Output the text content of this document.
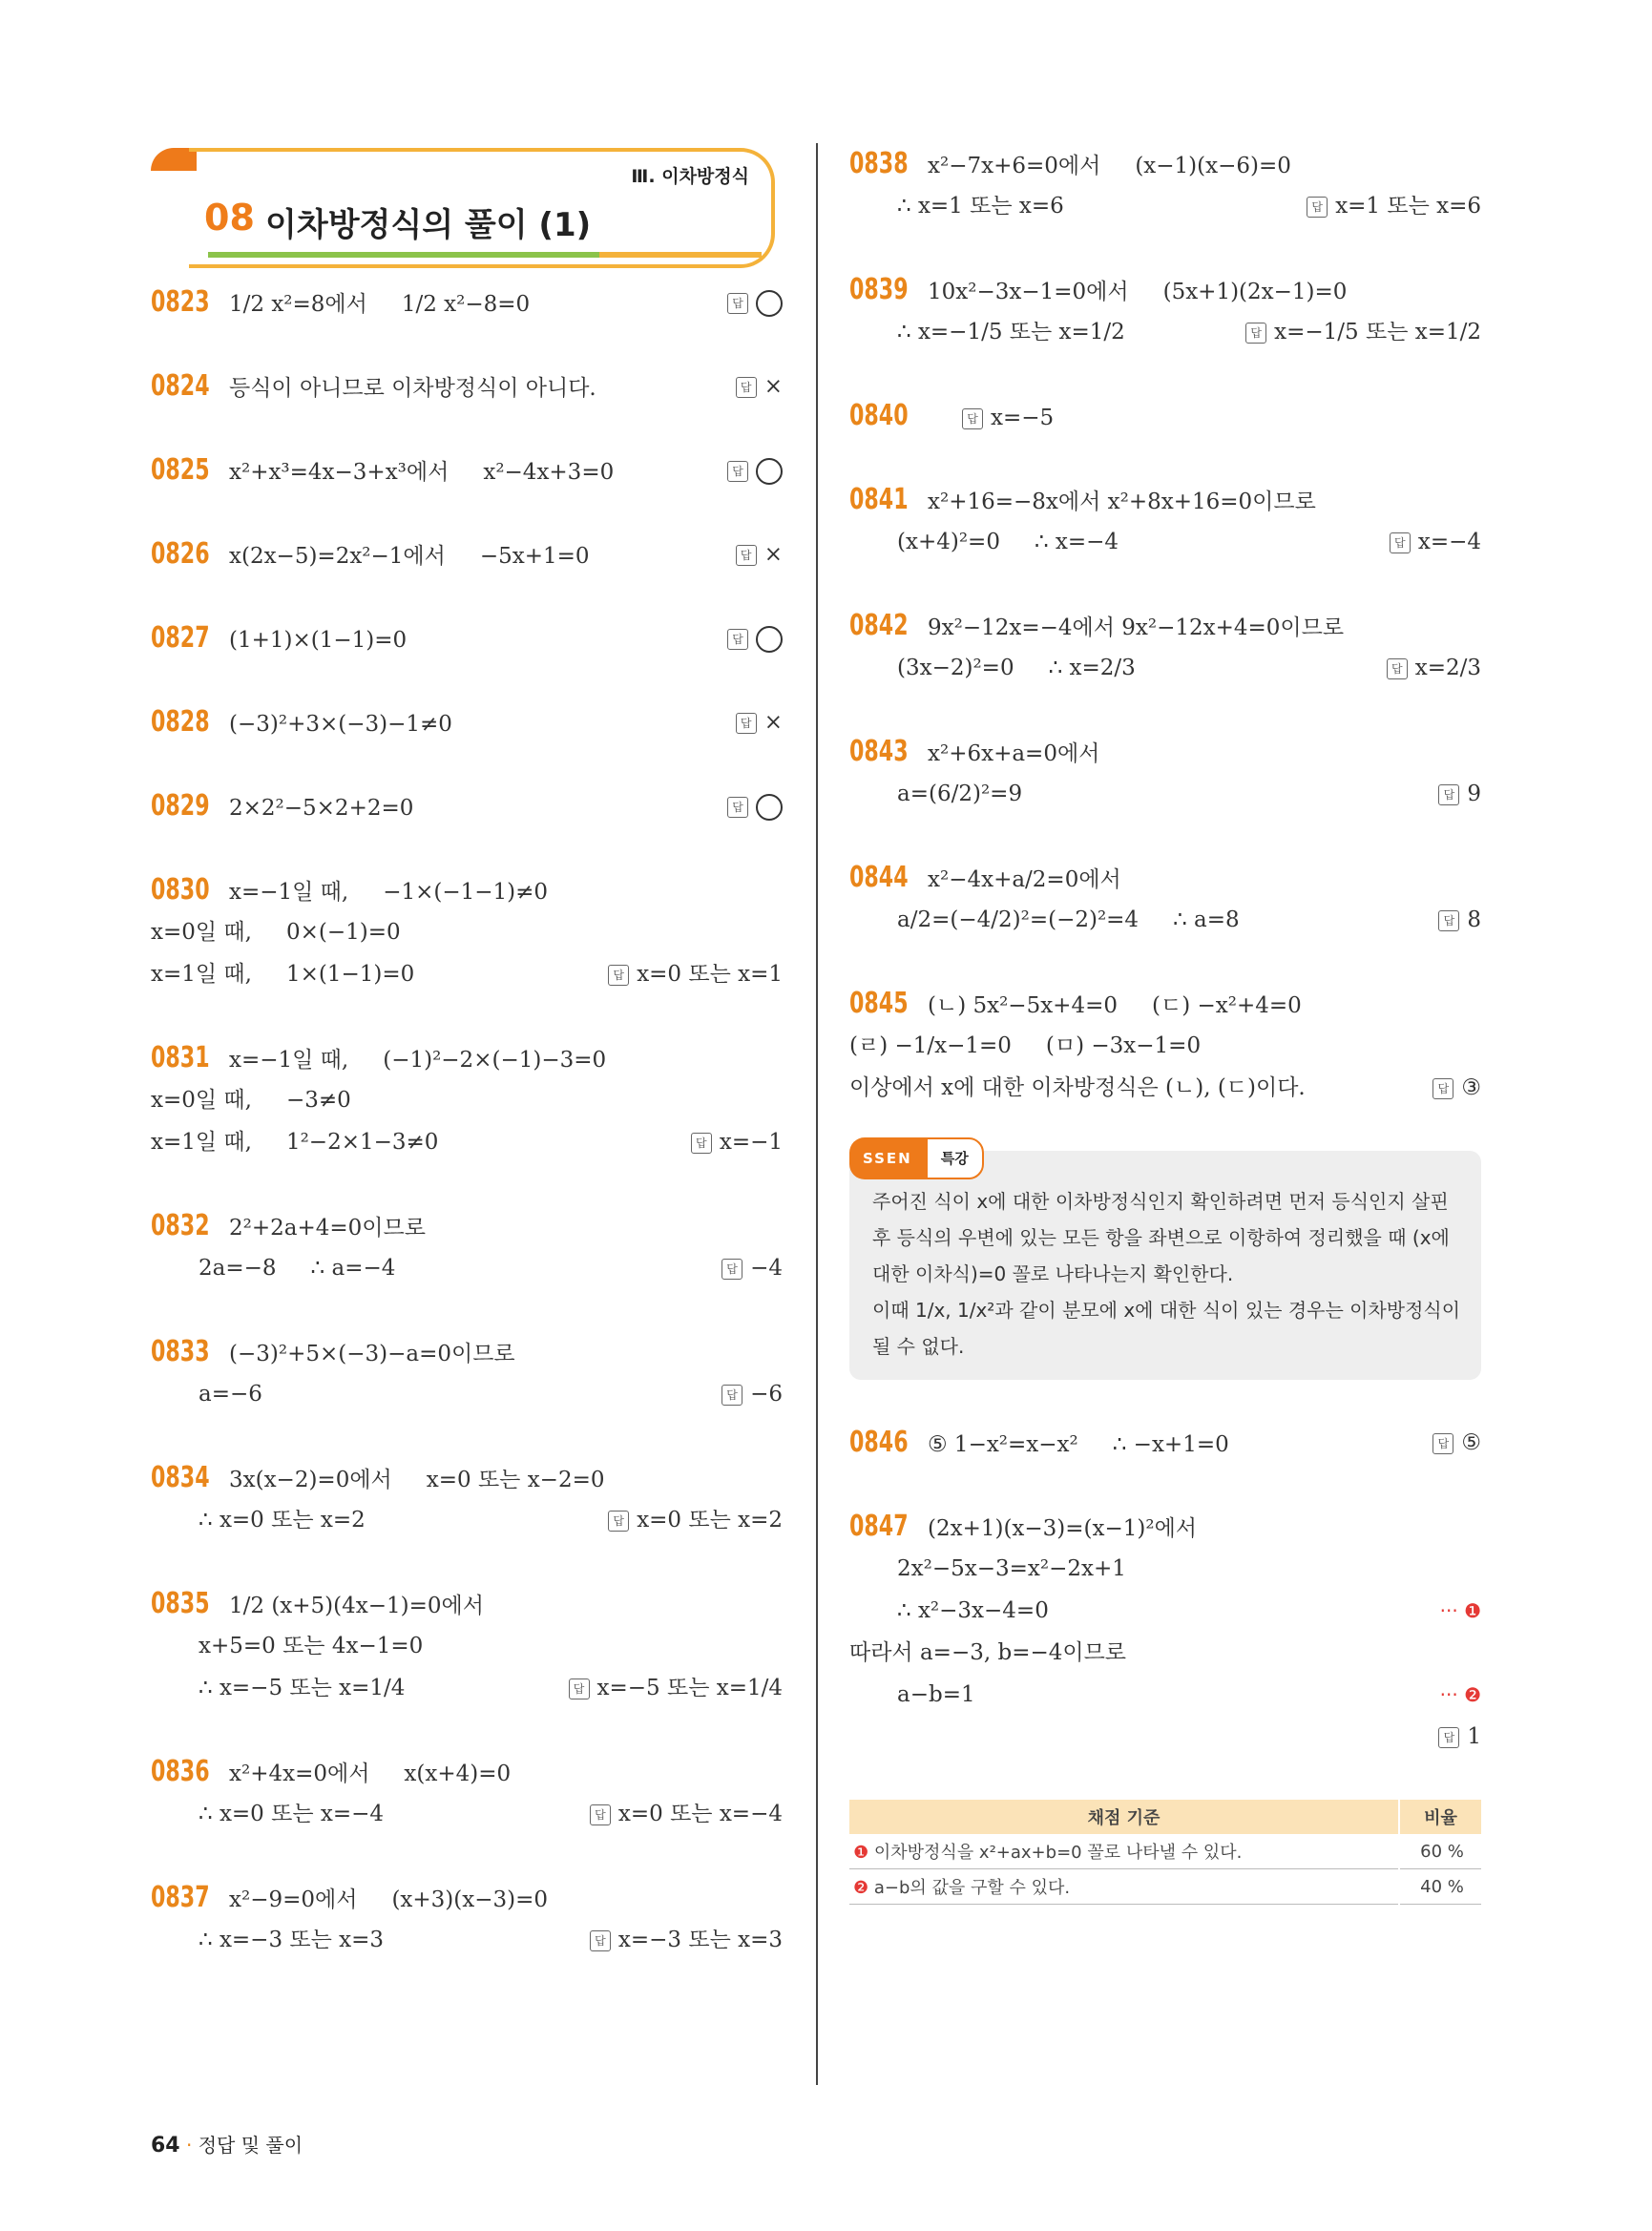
Ⅲ. 이차방정식
08 이차방정식의 풀이 (1)
0823 1/2 x²=8에서 1/2 x²−8=0	답
0824 등식이 아니므로 이차방정식이 아니다.	답 ×
0825 x²+x³=4x−3+x³에서 x²−4x+3=0	답
0826 x(2x−5)=2x²−1에서 −5x+1=0	답 ×
0827 (1+1)×(1−1)=0	답
0828 (−3)²+3×(−3)−1≠0	답 ×
0829 2×2²−5×2+2=0	답
0830 x=−1일 때, −1×(−1−1)≠0
x=0일 때, 0×(−1)=0
x=1일 때, 1×(1−1)=0	답 x=0 또는 x=1
0831 x=−1일 때, (−1)²−2×(−1)−3=0
x=0일 때, −3≠0
x=1일 때, 1²−2×1−3≠0	답 x=−1
0832 2²+2a+4=0이므로
2a=−8 ∴ a=−4	답 −4
0833 (−3)²+5×(−3)−a=0이므로
a=−6	답 −6
0834 3x(x−2)=0에서 x=0 또는 x−2=0
∴ x=0 또는 x=2	답 x=0 또는 x=2
0835 1/2 (x+5)(4x−1)=0에서
x+5=0 또는 4x−1=0
∴ x=−5 또는 x=1/4	답 x=−5 또는 x=1/4
0836 x²+4x=0에서 x(x+4)=0
∴ x=0 또는 x=−4	답 x=0 또는 x=−4
0837 x²−9=0에서 (x+3)(x−3)=0
∴ x=−3 또는 x=3	답 x=−3 또는 x=3
0838 x²−7x+6=0에서 (x−1)(x−6)=0
∴ x=1 또는 x=6	답 x=1 또는 x=6
0839 10x²−3x−1=0에서 (5x+1)(2x−1)=0
∴ x=−1/5 또는 x=1/2	답 x=−1/5 또는 x=1/2
0840	답 x=−5
0841 x²+16=−8x에서 x²+8x+16=0이므로
(x+4)²=0 ∴ x=−4	답 x=−4
0842 9x²−12x=−4에서 9x²−12x+4=0이므로
(3x−2)²=0 ∴ x=2/3	답 x=2/3
0843 x²+6x+a=0에서
a=(6/2)²=9	답 9
0844 x²−4x+a/2=0에서
a/2=(−4/2)²=(−2)²=4 ∴ a=8	답 8
0845 (ㄴ) 5x²−5x+4=0 (ㄷ) −x²+4=0
(ㄹ) −1/x−1=0 (ㅁ) −3x−1=0
이상에서 x에 대한 이차방정식은 (ㄴ), (ㄷ)이다.	답 ③
SSEN	특강
주어진 식이 x에 대한 이차방정식인지 확인하려면 먼저 등식인지 살핀 후 등식의 우변에 있는 모든 항을 좌변으로 이항하여 정리했을 때 (x에 대한 이차식)=0 꼴로 나타나는지 확인한다.
이때 1/x, 1/x²과 같이 분모에 x에 대한 식이 있는 경우는 이차방정식이 될 수 없다.
0846 ⑤ 1−x²=x−x² ∴ −x+1=0	답 ⑤
0847 (2x+1)(x−3)=(x−1)²에서
2x²−5x−3=x²−2x+1
∴ x²−3x−4=0	··· ❶
따라서 a=−3, b=−4이므로
a−b=1	··· ❷
답 1
채점 기준	비율
❶ 이차방정식을 x²+ax+b=0 꼴로 나타낼 수 있다.	60 %
❷ a−b의 값을 구할 수 있다.	40 %
64 · 정답 및 풀이
